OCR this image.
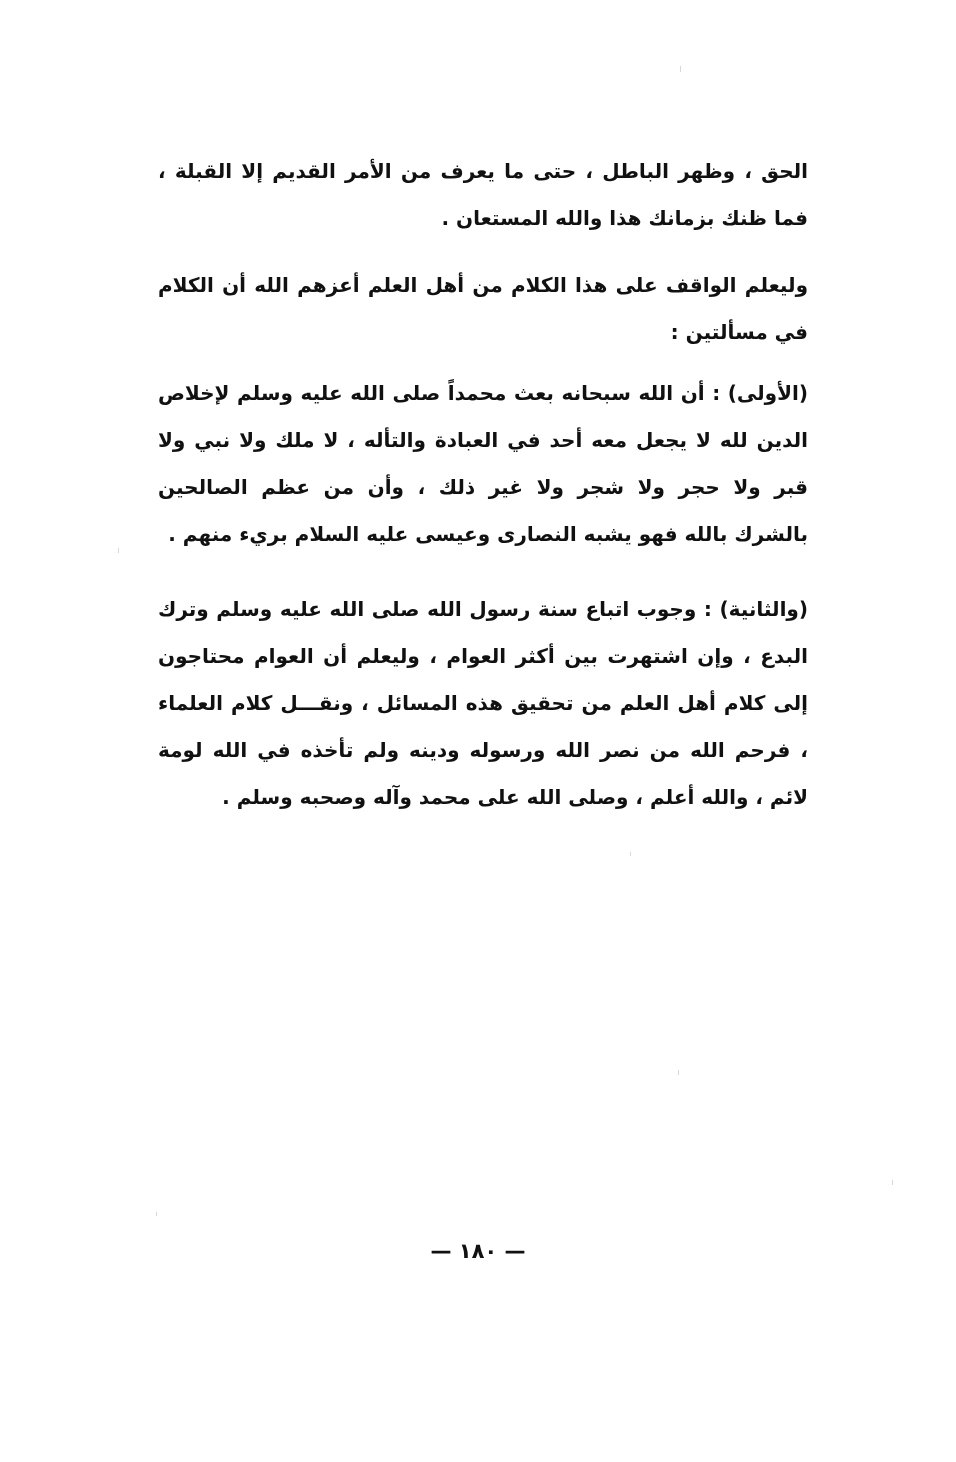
الحق ، وظهر الباطل ، حتى ما يعرف من الأمر القديم إلا القبلة ، فما ظنك بزمانك هذا والله المستعان .

وليعلم الواقف على هذا الكلام من أهل العلم أعزهم الله أن الكلام في مسألتين :

(الأولى) : أن الله سبحانه بعث محمداً صلى الله عليه وسلم لإخلاص الدين لله لا يجعل معه أحد في العبادة والتأله ، لا ملك ولا نبي ولا قبر ولا حجر ولا شجر ولا غير ذلك ، وأن من عظم الصالحين بالشرك بالله فهو يشبه النصارى وعيسى عليه السلام بريء منهم .

(والثانية) : وجوب اتباع سنة رسول الله صلى الله عليه وسلم وترك البدع ، وإن اشتهرت بين أكثر العوام ، وليعلم أن العوام محتاجون إلى كلام أهل العلم من تحقيق هذه المسائل ، ونقـــل كلام العلماء ، فرحم الله من نصر الله ورسوله ودينه ولم تأخذه في الله لومة لائم ، والله أعلم ، وصلى الله على محمد وآله وصحبه وسلم .

— ١٨٠ —
